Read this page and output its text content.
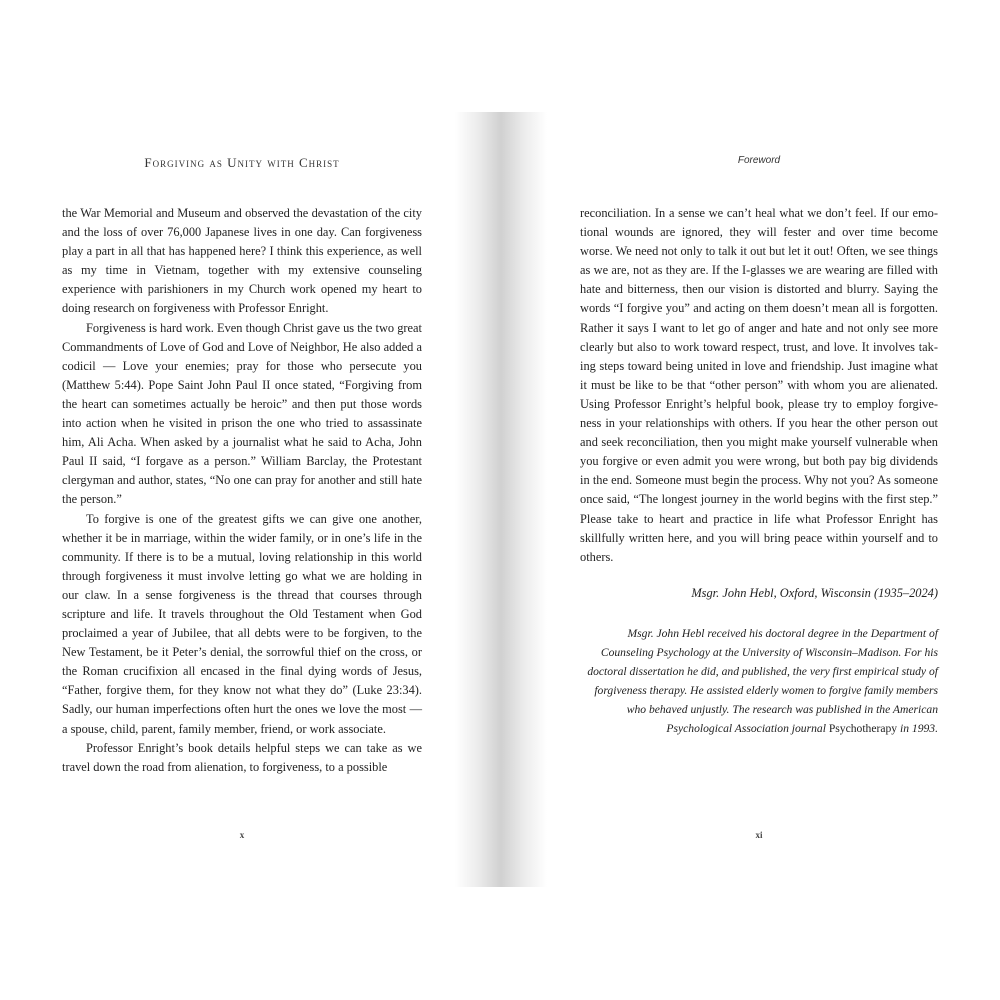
Forgiving as Unity with Christ

the War Memorial and Museum and observed the devastation of the city and the loss of over 76,000 Japanese lives in one day. Can forgiveness play a part in all that has happened here? I think this experience, as well as my time in Vietnam, together with my extensive counseling experience with parishioners in my Church work opened my heart to doing research on forgiveness with Professor Enright.

Forgiveness is hard work. Even though Christ gave us the two great Commandments of Love of God and Love of Neighbor, He also added a codicil — Love your enemies; pray for those who persecute you (Matthew 5:44). Pope Saint John Paul II once stated, “Forgiving from the heart can sometimes actually be heroic” and then put those words into action when he visited in prison the one who tried to assassinate him, Ali Acha. When asked by a journalist what he said to Acha, John Paul II said, “I forgave as a person.” William Barclay, the Protestant clergyman and author, states, “No one can pray for another and still hate the person.”

To forgive is one of the greatest gifts we can give one another, whether it be in marriage, within the wider family, or in one’s life in the community. If there is to be a mutual, loving relationship in this world through forgiveness it must involve letting go what we are holding in our claw. In a sense forgiveness is the thread that courses through scripture and life. It travels throughout the Old Testament when God proclaimed a year of Jubilee, that all debts were to be forgiven, to the New Testament, be it Peter’s denial, the sorrowful thief on the cross, or the Roman crucifixion all encased in the final dying words of Jesus, “Father, forgive them, for they know not what they do” (Luke 23:34). Sadly, our human imperfections often hurt the ones we love the most — a spouse, child, parent, family member, friend, or work associate.

Professor Enright’s book details helpful steps we can take as we travel down the road from alienation, to forgiveness, to a possible

x
Foreword

reconciliation. In a sense we can’t heal what we don’t feel. If our emotional wounds are ignored, they will fester and over time become worse. We need not only to talk it out but let it out! Often, we see things as we are, not as they are. If the I-glasses we are wearing are filled with hate and bitterness, then our vision is distorted and blurry. Saying the words “I forgive you” and acting on them doesn’t mean all is forgotten. Rather it says I want to let go of anger and hate and not only see more clearly but also to work toward respect, trust, and love. It involves taking steps toward being united in love and friendship. Just imagine what it must be like to be that “other person” with whom you are alienated. Using Professor Enright’s helpful book, please try to employ forgiveness in your relationships with others. If you hear the other person out and seek reconciliation, then you might make yourself vulnerable when you forgive or even admit you were wrong, but both pay big dividends in the end. Someone must begin the process. Why not you? As someone once said, “The longest journey in the world begins with the first step.” Please take to heart and practice in life what Professor Enright has skillfully written here, and you will bring peace within yourself and to others.

Msgr. John Hebl, Oxford, Wisconsin (1935–2024)
Msgr. John Hebl received his doctoral degree in the Department of Counseling Psychology at the University of Wisconsin–Madison. For his doctoral dissertation he did, and published, the very first empirical study of forgiveness therapy. He assisted elderly women to forgive family members who behaved unjustly. The research was published in the American Psychological Association journal Psychotherapy in 1993.
xi
